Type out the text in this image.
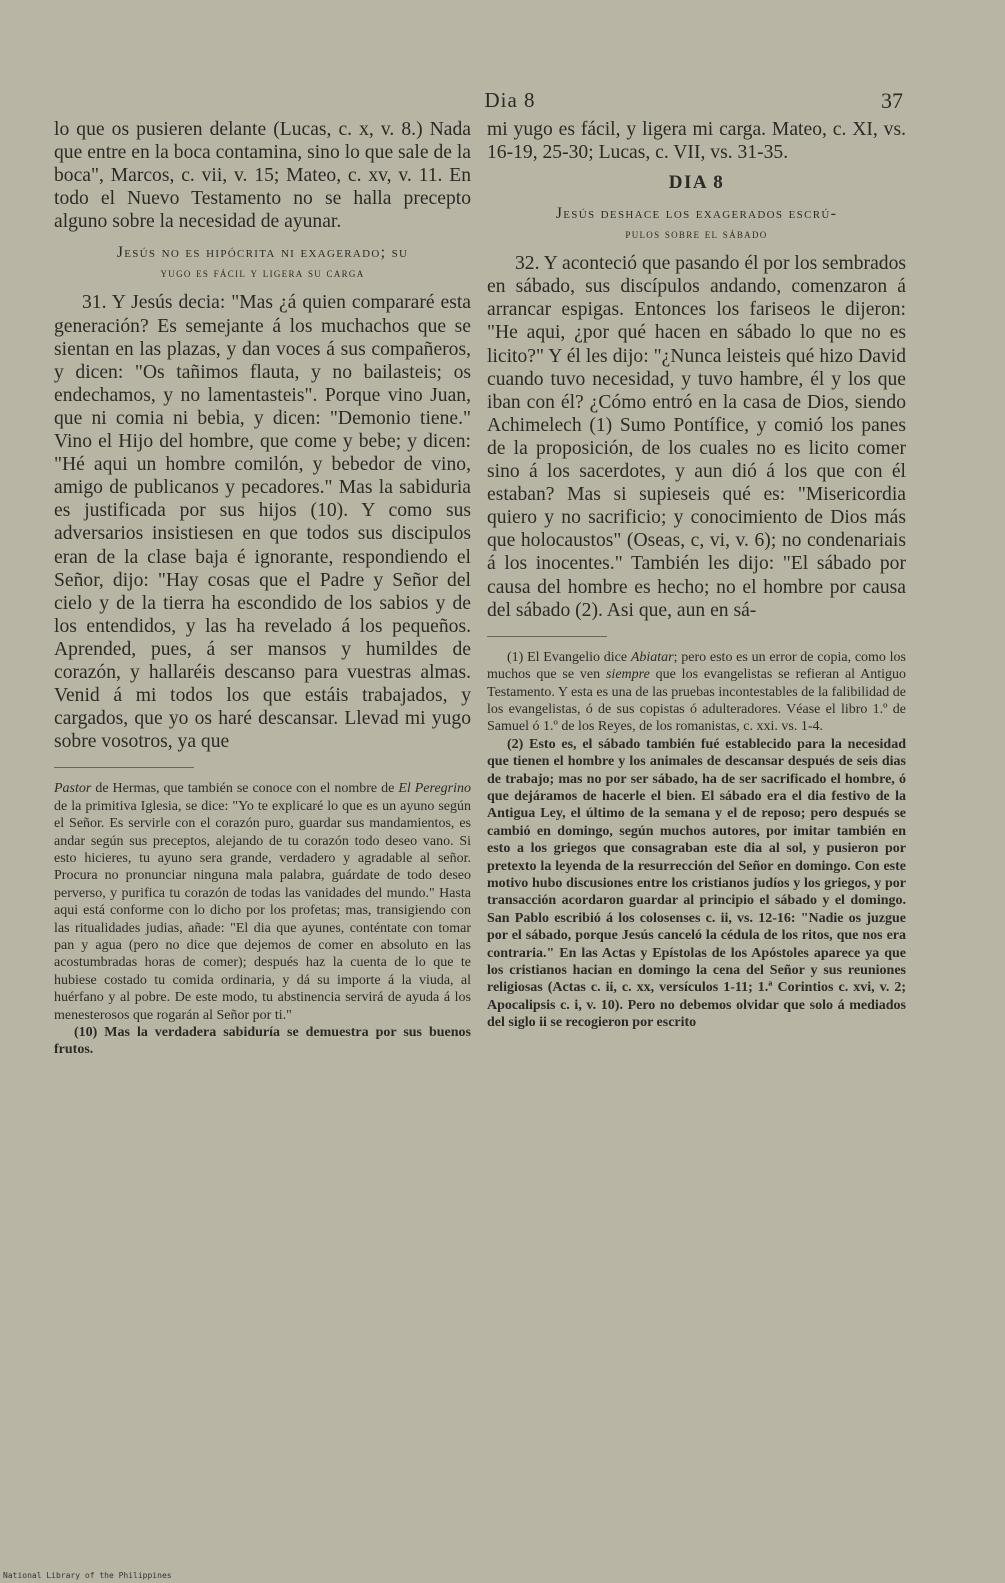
Dia 8	37

lo que os pusieren delante (Lucas, c. x, v. 8.) Nada que entre en la boca contamina, sino lo que sale de la boca", Marcos, c. vii, v. 15; Mateo, c. xv, v. 11. En todo el Nuevo Testamento no se halla precepto alguno sobre la necesidad de ayunar.

Jesús no es hipócrita ni exagerado; su

yugo es fácil y ligera su carga

31. Y Jesús decia: "Mas ¿á quien compararé esta generación? Es semejante á los muchachos que se sientan en las plazas, y dan voces á sus compañeros, y dicen: "Os tañimos flauta, y no bailasteis; os endechamos, y no lamentasteis". Porque vino Juan, que ni comia ni bebia, y dicen: "Demonio tiene." Vino el Hijo del hombre, que come y bebe; y dicen: "Hé aqui un hombre comilón, y bebedor de vino, amigo de publicanos y pecadores." Mas la sabiduria es justificada por sus hijos (10). Y como sus adversarios insistiesen en que todos sus discipulos eran de la clase baja é ignorante, respondiendo el Señor, dijo: "Hay cosas que el Padre y Señor del cielo y de la tierra ha escondido de los sabios y de los entendidos, y las ha revelado á los pequeños. Aprended, pues, á ser mansos y humildes de corazón, y hallaréis descanso para vuestras almas. Venid á mi todos los que estáis trabajados, y cargados, que yo os haré descansar. Llevad mi yugo sobre vosotros, ya que

Pastor de Hermas, que también se conoce con el nombre de El Peregrino de la primitiva Iglesia, se dice: "Yo te explicaré lo que es un ayuno según el Señor. Es servirle con el corazón puro, guardar sus mandamientos, es andar según sus preceptos, alejando de tu corazón todo deseo vano. Si esto hicieres, tu ayuno sera grande, verdadero y agradable al señor. Procura no pronunciar ninguna mala palabra, guárdate de todo deseo perverso, y purifica tu corazón de todas las vanidades del mundo." Hasta aqui está conforme con lo dicho por los profetas; mas, transigiendo con las ritualidades judias, añade: "El dia que ayunes, conténtate con tomar pan y agua (pero no dice que dejemos de comer en absoluto en las acostumbradas horas de comer); después haz la cuenta de lo que te hubiese costado tu comida ordinaria, y dá su importe á la viuda, al huérfano y al pobre. De este modo, tu abstinencia servirá de ayuda á los menesterosos que rogarán al Señor por ti."

(10) Mas la verdadera sabiduría se demuestra por sus buenos frutos.

mi yugo es fácil, y ligera mi carga. Mateo, c. XI, vs. 16-19, 25-30; Lucas, c. VII, vs. 31-35.

DIA 8

Jesús deshace los exagerados escrú-

pulos sobre el sábado

32. Y aconteció que pasando él por los sembrados en sábado, sus discípulos andando, comenzaron á arrancar espigas. Entonces los fariseos le dijeron: "He aqui, ¿por qué hacen en sábado lo que no es licito?" Y él les dijo: "¿Nunca leisteis qué hizo David cuando tuvo necesidad, y tuvo hambre, él y los que iban con él? ¿Cómo entró en la casa de Dios, siendo Achimelech (1) Sumo Pontífice, y comió los panes de la proposición, de los cuales no es licito comer sino á los sacerdotes, y aun dió á los que con él estaban? Mas si supieseis qué es: "Misericordia quiero y no sacrificio; y conocimiento de Dios más que holocaustos" (Oseas, c, vi, v. 6); no condenariais á los inocentes." También les dijo: "El sábado por causa del hombre es hecho; no el hombre por causa del sábado (2). Asi que, aun en sá-

(1) El Evangelio dice Abiatar; pero esto es un error de copia, como los muchos que se ven siempre que los evangelistas se refieran al Antiguo Testamento. Y esta es una de las pruebas incontestables de la falibilidad de los evangelistas, ó de sus copistas ó adulteradores. Véase el libro 1.º de Samuel ó 1.º de los Reyes, de los romanistas, c. xxi. vs. 1-4.

(2) Esto es, el sábado también fué establecido para la necesidad que tienen el hombre y los animales de descansar después de seis dias de trabajo; mas no por ser sábado, ha de ser sacrificado el hombre, ó que dejáramos de hacerle el bien. El sábado era el dia festivo de la Antigua Ley, el último de la semana y el de reposo; pero después se cambió en domingo, según muchos autores, por imitar también en esto a los griegos que consagraban este dia al sol, y pusieron por pretexto la leyenda de la resurrección del Señor en domingo. Con este motivo hubo discusiones entre los cristianos judíos y los griegos, y por transacción acordaron guardar al principio el sábado y el domingo. San Pablo escribió á los colosenses c. ii, vs. 12-16: "Nadie os juzgue por el sábado, porque Jesús canceló la cédula de los ritos, que nos era contraria." En las Actas y Epístolas de los Apóstoles aparece ya que los cristianos hacian en domingo la cena del Señor y sus reuniones religiosas (Actas c. ii, c. xx, versículos 1-11; 1.ª Corintios c. xvi, v. 2; Apocalipsis c. i, v. 10). Pero no debemos olvidar que solo á mediados del siglo ii se recogieron por escrito

National Library of the Philippines
